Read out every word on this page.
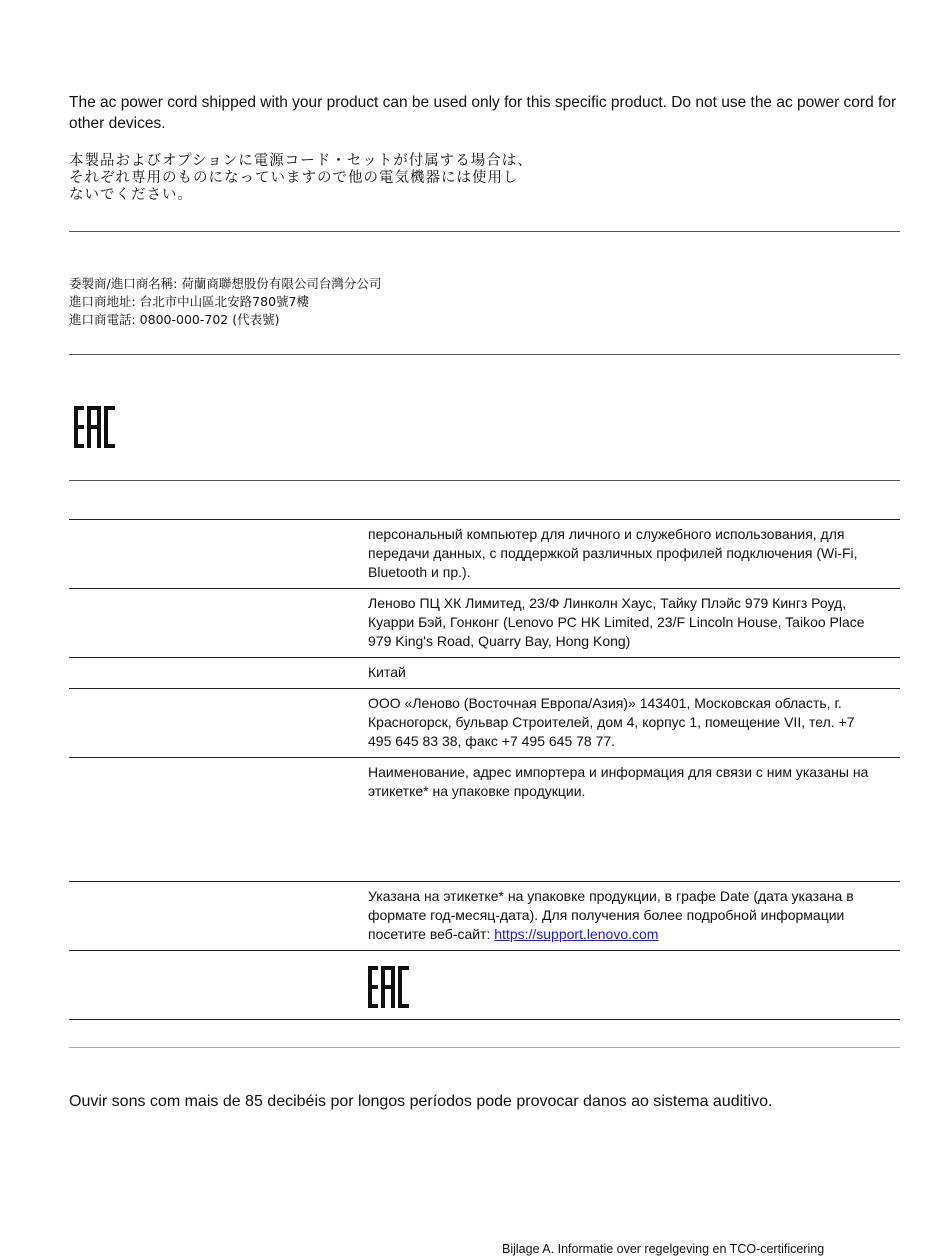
The ac power cord shipped with your product can be used only for this specific product. Do not use the ac power cord for other devices.
本製品およびオプションに電源コード・セットが付属する場合は、
それぞれ専用のものになっていますので他の電気機器には使用し
ないでください。
委製商/進口商名稱: 荷蘭商聯想股份有限公司台灣分公司
進口商地址: 台北市中山區北安路780號7樓
進口商電話: 0800-000-702 (代表號)
персональный компьютер для личного и служебного использования, для передачи данных, с поддержкой различных профилей подключения (Wi-Fi, Bluetooth и пр.).
Леново ПЦ ХК Лимитед, 23/Ф Линколн Хаус, Тайку Плэйс 979 Кингз Роуд, Куарри Бэй, Гонконг (Lenovo PC HK Limited, 23/F Lincoln House, Taikoo Place 979 King's Road, Quarry Bay, Hong Kong)
Китай
ООО «Леново (Восточная Европа/Азия)» 143401, Московская область, г. Красногорск, бульвар Строителей, дом 4, корпус 1, помещение VII, тел. +7 495 645 83 38, факс +7 495 645 78 77.
Наименование, адрес импортера и информация для связи с ним указаны на этикетке* на упаковке продукции.
Указана на этикетке* на упаковке продукции, в графе Date (дата указана в формате год-месяц-дата). Для получения более подробной информации посетите веб-сайт: https://support.lenovo.com
Ouvir sons com mais de 85 decibéis por longos períodos pode provocar danos ao sistema auditivo.
Bijlage A. Informatie over regelgeving en TCO-certificering
